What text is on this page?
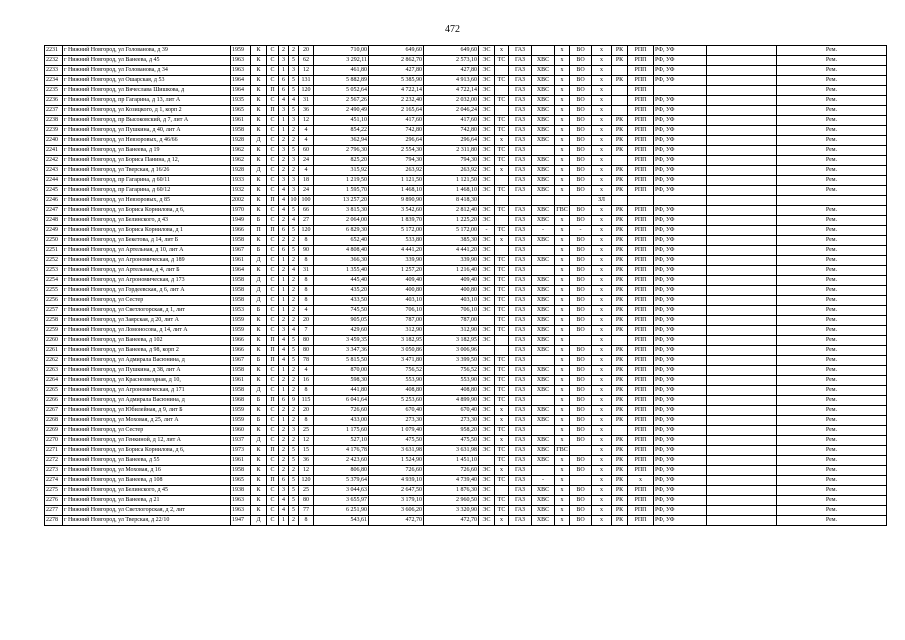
472
2231	г Нижний Новгород, ул Голованова, д 39	1959	К	С	2	2	20	710,00	649,60	649,60	ЭС	х	ГАЗ		х	ВО	х	РК	РПП	РФ, УФ		Рем.	
2232	г Нижний Новгород, ул Ванеева, д 45	1963	К	С	3	5	62	3 292,11	2 862,70	2 573,10	ЭС	ТС	ГАЗ	ХВС	х	ВО	х	РК	РПП	РФ, УФ		Рем.	
2233	г Нижний Новгород, ул Голованова, д 34	1963	К	С	1	3	12	461,80	427,80	427,80	ЭС		ГАЗ	ХВС	х	ВО	х		РПП	РФ, УФ		Рем.	
2234	г Нижний Новгород, ул Ошарская, д 53	1964	К	С	6	5	131	5 882,89	5 385,90	4 913,60	ЭС	ТС	ГАЗ	ХВС	х	ВО	х	РК	РПП	РФ, УФ		Рем.	
2235	г Нижний Новгород, ул Вячеслава Шишкова, д	1964	К	П	6	5	120	5 052,64	4 722,14	4 722,14	ЭС		ГАЗ	ХВС	х	ВО	х		РПП			Рем.	
2236	г Нижний Новгород, пр Гагарина, д 13, лит А	1935	К	С	4	4	31	2 567,26	2 232,40	2 032,00	ЭС	ТС	ГАЗ	ХВС	х	ВО	х		РПП	РФ, УФ		Рем.	
2237	г Нижний Новгород, ул Козицкого, д 1, корп 2	1965	К	П	3	5	36	2 490,49	2 165,64	2 046,24	ЭС		ГАЗ	ХВС	х	ВО	х		РПП	РФ, УФ		Рем.	
2238	г Нижний Новгород, пр Высоковский, д 7, лит А	1961	К	С	1	3	12	451,10	417,60	417,60	ЭС	ТС	ГАЗ	ХВС	х	ВО	х	РК	РПП	РФ, УФ		Рем.	
2239	г Нижний Новгород, ул Пушкина, д 40, лит А	1958	К	С	1	2	4	854,22	742,80	742,80	ЭС	ТС	ГАЗ	ХВС	х	ВО	х	РК	РПП	РФ, УФ		Рем.	
2240	г Нижний Новгород, ул Невзоровых, д 46/66	1928	Д	С	2	2	4	362,94	296,64	296,64	ЭС	х	ГАЗ	ХВС	х	ВО	х	РК	РПП	РФ, УФ		Рем.	
2241	г Нижний Новгород, ул Ванеева, д 19	1962	К	С	3	5	60	2 796,30	2 554,30	2 311,80	ЭС	ТС	ГАЗ		х	ВО	х	РК	РПП	РФ, УФ		Рем.	
2242	г Нижний Новгород, ул Бориса Панина, д 12,	1962	К	С	2	3	24	825,20	794,30	794,30	ЭС	ТС	ГАЗ	ХВС	х	ВО	х		РПП	РФ, УФ		Рем.	
2243	г Нижний Новгород, ул Тверская, д 16/26	1928	Д	С	2	2	4	315,92	263,92	263,92	ЭС	х	ГАЗ	ХВС	х	ВО	х	РК	РПП	РФ, УФ		Рем.	
2244	г Нижний Новгород, пр Гагарина, д 60/11	1933	К	С	3	3	18	1 219,50	1 121,50	1 121,50	ЭС		ГАЗ	ХВС	х	ВО	х	РК	РПП	РФ, УФ		Рем.	
2245	г Нижний Новгород, пр Гагарина, д 60/12	1932	К	С	4	3	24	1 595,70	1 468,10	1 468,10	ЭС	ТС	ГАЗ	ХВС	х	ВО	х	РК	РПП	РФ, УФ		Рем.	
2246	г Нижний Новгород, ул Невзоровых, д 85	2002	К	П	4	10	100	13 257,20	9 890,90	8 418,30							ЗЛ						
2247	г Нижний Новгород, ул Бориса Корнилова, д 6,	1970	К	С	4	5	66	3 815,30	3 542,60	2 812,40	ЭС	ТС	ГАЗ	ХВС	ГВС	ВО	х	РК	РПП	РФ, УФ		Рем.	
2248	г Нижний Новгород, ул Белинского, д 43	1949	Б	С	2	4	27	2 064,00	1 839,70	1 225,20	ЭС		ГАЗ	ХВС	х	ВО	х	РК	РПП	РФ, УФ		Рем.	
2249	г Нижний Новгород, ул Бориса Корнилова, д 1	1966	П	П	6	5	120	6 829,30	5 172,00	5 172,00	-	ТС	ГАЗ	-	х	-	х	РК	РПП	РФ, УФ		Рем.	
2250	г Нижний Новгород, ул Бекетова, д 14, лит Б	1958	К	С	2	2	8	652,40	533,80	385,30	ЭС	х	ГАЗ	ХВС	х	ВО	х	РК	РПП	РФ, УФ		Рем.	
2251	г Нижний Новгород, ул Артельная, д 10, лит А	1967	Б	С	6	5	90	4 808,40	4 441,20	4 441,20	ЭС		ГАЗ		х	ВО	х	РК	РПП	РФ, УФ		Рем.	
2252	г Нижний Новгород, ул Агрономическая, д 189	1961	Д	С	1	2	8	366,30	339,90	339,90	ЭС	ТС	ГАЗ	ХВС	х	ВО	х	РК	РПП	РФ, УФ		Рем.	
2253	г Нижний Новгород, ул Артельная, д 4, лит Б	1964	К	С	2	4	31	1 355,40	1 257,20	1 216,40	ЭС	ТС	ГАЗ		х	ВО	х	РК	РПП	РФ, УФ		Рем.	
2254	г Нижний Новгород, ул Агрономическая, д 173	1958	Д	С	1	2	8	445,40	409,40	409,40	ЭС	ТС	ГАЗ	ХВС	х	ВО	х	РК	РПП	РФ, УФ		Рем.	
2255	г Нижний Новгород, ул Гордеевская, д 6, лит А	1958	Д	С	1	2	8	435,20	400,80	400,80	ЭС	ТС	ГАЗ	ХВС	х	ВО	х	РК	РПП	РФ, УФ		Рем.	
2256	г Нижний Новгород, ул Сестер	1958	Д	С	1	2	8	433,50	403,10	403,10	ЭС	ТС	ГАЗ	ХВС	х	ВО	х	РК	РПП	РФ, УФ		Рем.	
2257	г Нижний Новгород, ул Светлогорская, д 1, лит	1953	Б	С	1	2	4	745,50	706,10	706,10	ЭС	ТС	ГАЗ	ХВС	х	ВО	х	РК	РПП	РФ, УФ		Рем.	
2258	г Нижний Новгород, ул Заярская, д 20, лит А	1959	К	С	2	2	20	905,05	787,00	787,00		ТС	ГАЗ	ХВС	х	ВО	х	РК	РПП	РФ, УФ		Рем.	
2259	г Нижний Новгород, ул Ломоносова, д 14, лит А	1959	К	С	3	4	7	429,60	312,90	312,90	ЭС	ТС	ГАЗ	ХВС	х	ВО	х	РК	РПП	РФ, УФ		Рем.	
2260	г Нижний Новгород, ул Ванеева, д 102	1966	К	П	4	5	80	3 459,35	3 182,95	3 182,95	ЭС		ГАЗ	ХВС	х		х		РПП	РФ, УФ		Рем.	
2261	г Нижний Новгород, ул Ванеева, д 98, корп 2	1966	К	П	4	5	80	3 347,36	3 050,86	3 006,96			ГАЗ	ХВС	х	ВО	х	РК	РПП	РФ, УФ		Рем.	
2262	г Нижний Новгород, ул Адмирала Васюнина, д	1967	Б	П	4	5	78	5 815,50	3 471,80	3 399,50	ЭС	ТС	ГАЗ		х	ВО	х	РК	РПП	РФ, УФ		Рем.	
2263	г Нижний Новгород, ул Пушкина, д 38, лит А	1958	К	С	1	2	4	870,00	756,52	756,52	ЭС	ТС	ГАЗ	ХВС	х	ВО	х	РК	РПП	РФ, УФ		Рем.	
2264	г Нижний Новгород, ул Краснозвездная, д 10,	1961	К	С	2	2	16	598,30	553,90	553,90	ЭС	ТС	ГАЗ	ХВС	х	ВО	х	РК	РПП	РФ, УФ		Рем.	
2265	г Нижний Новгород, ул Агрономическая, д 171	1958	Д	С	1	2	8	441,80	408,80	408,80	ЭС	ТС	ГАЗ	ХВС	х	ВО	х	РК	РПП	РФ, УФ		Рем.	
2266	г Нижний Новгород, ул Адмирала Васюнина, д	1968	Б	П	6	9	115	6 041,64	5 253,60	4 899,90	ЭС	ТС	ГАЗ		х	ВО	х	РК	РПП	РФ, УФ		Рем.	
2267	г Нижний Новгород, ул Юбилейная, д 9, лит Б	1959	К	С	2	2	20	726,60	670,40	670,40	ЭС	х	ГАЗ	ХВС	х	ВО	х	РК	РПП	РФ, УФ		Рем.	
2268	г Нижний Новгород, ул Моховая, д 25, лит А	1959	Б	С	1	2	8	433,00	273,30	273,30	ЭС	х	ГАЗ	ХВС	х	ВО	х	РК	РПП	РФ, УФ		Рем.	
2269	г Нижний Новгород, ул Сестер	1960	К	С	2	3	25	1 175,60	1 079,40	958,20	ЭС	ТС	ГАЗ		х	ВО	х		РПП	РФ, УФ		Рем.	
2270	г Нижний Новгород, ул Генкиной, д 12, лит А	1937	Д	С	2	2	12	527,10	475,50	475,50	ЭС	х	ГАЗ	ХВС	х	ВО	х	РК	РПП	РФ, УФ		Рем.	
2271	г Нижний Новгород, ул Бориса Корнилова, д 6,	1973	К	П	2	5	15	4 176,78	3 631,98	3 631,98	ЭС	ТС	ГАЗ	ХВС	ГВС		х	РК	РПП	РФ, УФ		Рем.	
2272	г Нижний Новгород, ул Ванеева, д 55	1961	К	С	2	5	36	2 423,60	1 524,90	1 451,10		ТС	ГАЗ	ХВС	х	ВО	х	РК	РПП	РФ, УФ		Рем.	
2273	г Нижний Новгород, ул Моховая, д 16	1958	К	С	2	2	12	806,80	726,60	726,60	ЭС	х	ГАЗ		х	ВО	х	РК	РПП	РФ, УФ		Рем.	
2274	г Нижний Новгород, ул Ванеева, д 108	1965	К	П	6	5	120	5 379,64	4 939,10	4 739,40	ЭС	ТС	ГАЗ	-	х		х	РК	х	РФ, УФ		Рем.	
2275	г Нижний Новгород, ул Белинского, д 45	1938	К	С	3	5	25	3 044,63	2 647,50	1 876,30	ЭС		ГАЗ	ХВС	х	ВО	х	РК	РПП	РФ, УФ		Рем.	
2276	г Нижний Новгород, ул Ванеева, д 21	1963	К	С	4	5	80	3 655,97	3 179,10	2 960,50	ЭС	ТС	ГАЗ	ХВС	х	ВО	х	РК	РПП	РФ, УФ		Рем.	
2277	г Нижний Новгород, ул Светлогорская, д 2, лит	1963	К	С	4	5	77	6 251,90	3 606,20	3 320,90	ЭС	ТС	ГАЗ	ХВС	х	ВО	х	РК	РПП	РФ, УФ		Рем.	
2278	г Нижний Новгород, ул Тверская, д 22/10	1947	Д	С	1	2	8	543,61	472,70	472,70	ЭС	х	ГАЗ	ХВС	х	ВО	х	РК	РПП	РФ, УФ		Рем.	
